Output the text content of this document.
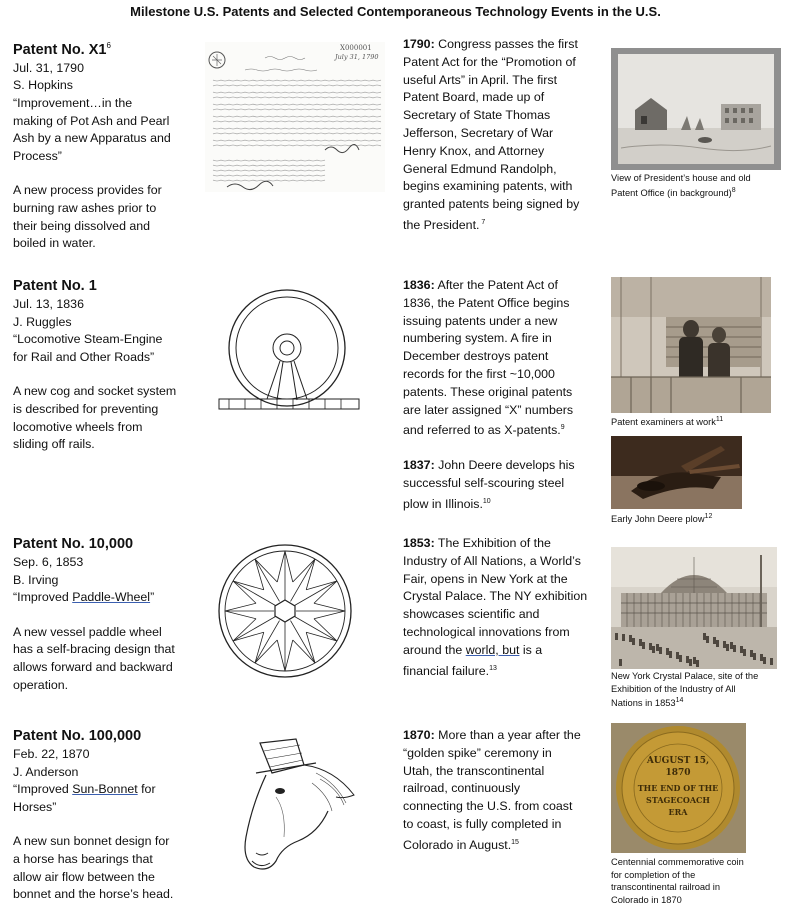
Milestone U.S. Patents and Selected Contemporaneous Technology Events in the U.S.
Patent No. $X1^6$
Jul. 31, 1790
S. Hopkins
“Improvement…in the
making of Pot Ash and Pearl
Ash by a new Apparatus and
Process”
A new process provides for
burning raw ashes prior to
their being dissolved and
boiled in water.
X000001
July 31, 1790
1790: Congress passes the first
Patent Act for the “Promotion of
useful Arts” in April. The first
Patent Board, made up of
Secretary of State Thomas
Jefferson, Secretary of War
Henry Knox, and Attorney
General Edmund Randolph,
begins examining patents, with
granted patents being signed by
the President. $^7$
View of President’s house and old
Patent Office (in background)$^8$
Patent No. 1
Jul. 13, 1836
J. Ruggles
“Locomotive Steam-Engine
for Rail and Other Roads”
A new cog and socket system
is described for preventing
locomotive wheels from
sliding off rails.
1836: After the Patent Act of
1836, the Patent Office begins
issuing patents under a new
numbering system. A fire in
December destroys patent
records for the first ~10,000
patents. These original patents
are later assigned “X” numbers
and referred to as X-patents.$^9$
1837: John Deere develops his
successful self-scouring steel
plow in Illinois.$^{10}$
Patent examiners at work$^{11}$
Early John Deere plow$^{12}$
Patent No. 10,000
Sep. 6, 1853
B. Irving
“Improved Paddle-Wheel”
A new vessel paddle wheel
has a self-bracing design that
allows forward and backward
operation.
1853: The Exhibition of the
Industry of All Nations, a World’s
Fair, opens in New York at the
Crystal Palace. The NY exhibition
showcases scientific and
technological innovations from
around the world, but is a
financial failure.$^{13}$
New York Crystal Palace, site of the
Exhibition of the Industry of All
Nations in 1853$^{14}$
Patent No. 100,000
Feb. 22, 1870
J. Anderson
“Improved Sun-Bonnet for
Horses”
A new sun bonnet design for
a horse has bearings that
allow air flow between the
bonnet and the horse’s head.
1870: More than a year after the
“golden spike” ceremony in
Utah, the transcontinental
railroad, continuously
connecting the U.S. from coast
to coast, is fully completed in
Colorado in August.$^{15}$
AUGUST 15,
1870
THE END OF THE
STAGECOACH
ERA
Centennial commemorative coin
for completion of the
transcontinental railroad in
Colorado in 1870
